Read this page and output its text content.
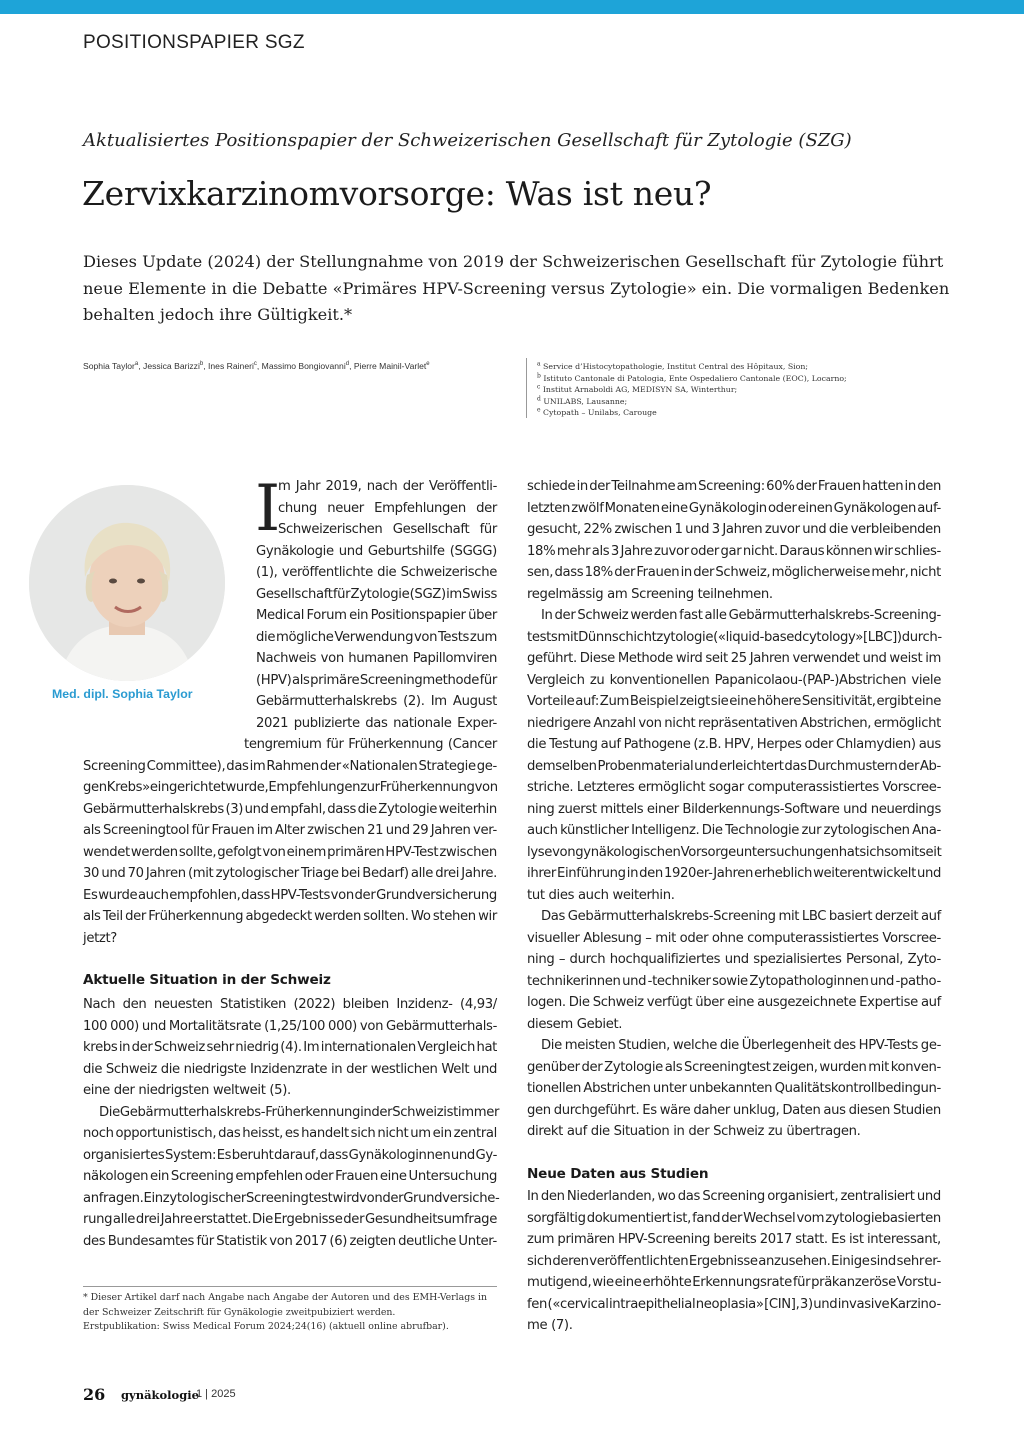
POSITIONSPAPIER SGZ
Aktualisiertes Positionspapier der Schweizerischen Gesellschaft für Zytologie (SZG)
Zervixkarzinomvorsorge: Was ist neu?
Dieses Update (2024) der Stellungnahme von 2019 der Schweizerischen Gesellschaft für Zytologie führt
neue Elemente in die Debatte «Primäres HPV-Screening versus Zytologie» ein. Die vormaligen Bedenken
behalten jedoch ihre Gültigkeit.*
Sophia Taylor$^a$, Jessica Barizzi$^b$, Ines Raineri$^c$, Massimo Bongiovanni$^d$, Pierre Mainil-Varlet$^e$	$^a$ Service d’Histocytopathologie, Institut Central des Hôpitaux, Sion;
$^b$ Istituto Cantonale di Patologia, Ente Ospedaliero Cantonale (EOC), Locarno;
$^c$ Institut Arnaboldi AG, MEDISYN SA, Winterthur;
$^d$ UNILABS, Lausanne;
$^e$ Cytopath – Unilabs, Carouge
Med. dipl. Sophia Taylor
I
m Jahr 2019, nach der Veröffentli-
chung neuer Empfehlungen der
Schweizerischen Gesellschaft für
Gynäkologie und Geburtshilfe (SGGG)
(1), veröffentlichte die Schweizerische
Gesellschaft für Zytologie (SGZ) im Swiss
Medical Forum ein Positionspapier über
die mögliche Verwendung von Tests zum
Nachweis von humanen Papillomviren
(HPV) als primäre Screeningmethode für
Gebärmutterhalskrebs (2). Im August
2021 publizierte das nationale Exper-
tengremium für Früherkennung (Cancer
Screening Committee), das im Rahmen der «Nationalen Strategie ge-
gen Krebs» eingerichtet wurde, Empfehlungen zur Früherkennung von
Gebärmutterhalskrebs (3) und empfahl, dass die Zytologie weiterhin
als Screeningtool für Frauen im Alter zwischen 21 und 29 Jahren ver-
wendet werden sollte, gefolgt von einem primären HPV-Test zwischen
30 und 70 Jahren (mit zytologischer Triage bei Bedarf) alle drei Jahre.
Es wurde auch empfohlen, dass HPV-Tests von der Grundversicherung
als Teil der Früherkennung abgedeckt werden sollten. Wo stehen wir
jetzt?
Aktuelle Situation in der Schweiz
Nach den neuesten Statistiken (2022) bleiben Inzidenz- (4,93/
100 000) und Mortalitätsrate (1,25/100 000) von Gebärmutterhals-
krebs in der Schweiz sehr niedrig (4). Im internationalen Vergleich hat
die Schweiz die niedrigste Inzidenzrate in der westlichen Welt und
eine der niedrigsten weltweit (5).
Die Gebärmutterhalskrebs-Früherkennung in der Schweiz ist immer
noch opportunistisch, das heisst, es handelt sich nicht um ein zentral
organisiertes System: Es beruht darauf, dass Gynäkologinnen und Gy-
näkologen ein Screening empfehlen oder Frauen eine Untersuchung
anfragen. Ein zytologischer Screeningtest wird von der Grundversiche-
rung alle drei Jahre erstattet. Die Ergebnisse der Gesundheitsumfrage
des Bundesamtes für Statistik von 2017 (6) zeigten deutliche Unter-
schiede in der Teilnahme am Screening: 60% der Frauen hatten in den
letzten zwölf Monaten eine Gynäkologin oder einen Gynäkologen auf-
gesucht, 22% zwischen 1 und 3 Jahren zuvor und die verbleibenden
18% mehr als 3 Jahre zuvor oder gar nicht. Daraus können wir schlies-
sen, dass 18% der Frauen in der Schweiz, möglicherweise mehr, nicht
regelmässig am Screening teilnehmen.
In der Schweiz werden fast alle Gebärmutterhalskrebs-Screening-
tests mit Dünnschichtzytologie («liquid-based cytology» [LBC]) durch-
geführt. Diese Methode wird seit 25 Jahren verwendet und weist im
Vergleich zu konventionellen Papanicolaou-(PAP-)Abstrichen viele
Vorteile auf: Zum Beispiel zeigt sie eine höhere Sensitivität, ergibt eine
niedrigere Anzahl von nicht repräsentativen Abstrichen, ermöglicht
die Testung auf Pathogene (z.B. HPV, Herpes oder Chlamydien) aus
demselben Probenmaterial und erleichtert das Durchmustern der Ab-
striche. Letzteres ermöglicht sogar computerassistiertes Vorscree-
ning zuerst mittels einer Bilderkennungs-Software und neuerdings
auch künstlicher Intelligenz. Die Technologie zur zytologischen Ana-
lyse von gynäkologischen Vorsorgeuntersuchungen hat sich somit seit
ihrer Einführung in den 1920er-Jahren erheblich weiterentwickelt und
tut dies auch weiterhin.
Das Gebärmutterhalskrebs-Screening mit LBC basiert derzeit auf
visueller Ablesung – mit oder ohne computerassistiertes Vorscree-
ning – durch hochqualifiziertes und spezialisiertes Personal, Zyto-
technikerinnen und -techniker sowie Zytopathologinnen und -patho-
logen. Die Schweiz verfügt über eine ausgezeichnete Expertise auf
diesem Gebiet.
Die meisten Studien, welche die Überlegenheit des HPV-Tests ge-
genüber der Zytologie als Screeningtest zeigen, wurden mit konven-
tionellen Abstrichen unter unbekannten Qualitätskontrollbedingun-
gen durchgeführt. Es wäre daher unklug, Daten aus diesen Studien
direkt auf die Situation in der Schweiz zu übertragen.
Neue Daten aus Studien
In den Niederlanden, wo das Screening organisiert, zentralisiert und
sorgfältig dokumentiert ist, fand der Wechsel vom zytologiebasierten
zum primären HPV-Screening bereits 2017 statt. Es ist interessant,
sich deren veröffentlichten Ergebnisse anzusehen. Einige sind sehr er-
mutigend, wie eine erhöhte Erkennungsrate für präkanzeröse Vorstu-
fen («cervical intraepithelial neoplasia» [CIN], 3) und invasive Karzino-
me (7).
* Dieser Artikel darf nach Angabe nach Angabe der Autoren und des EMH-Verlags in
der Schweizer Zeitschrift für Gynäkologie zweitpubiziert werden.
Erstpublikation: Swiss Medical Forum 2024;24(16) (aktuell online abrufbar).
26 gynäkologie
1 | 2025
